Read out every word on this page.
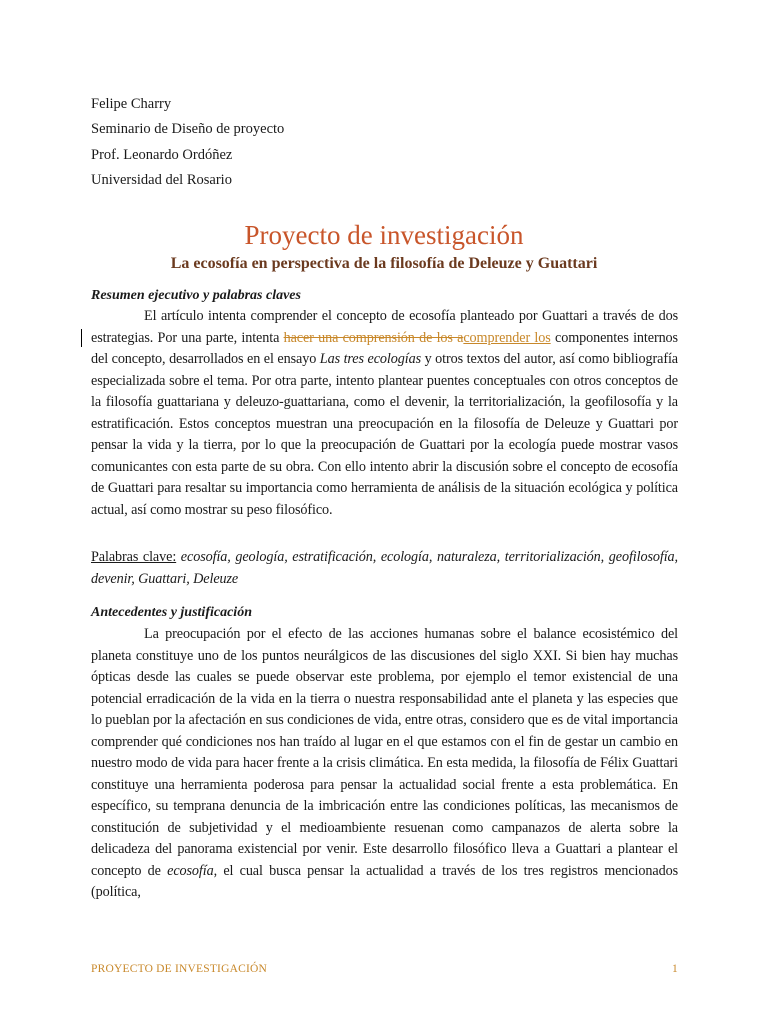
Felipe Charry
Seminario de Diseño de proyecto
Prof. Leonardo Ordóñez
Universidad del Rosario
Proyecto de investigación
La ecosofía en perspectiva de la filosofía de Deleuze y Guattari
Resumen ejecutivo y palabras claves
El artículo intenta comprender el concepto de ecosofía planteado por Guattari a través de dos estrategias. Por una parte, intenta hacer una comprensión de los acomprender los componentes internos del concepto, desarrollados en el ensayo Las tres ecologías y otros textos del autor, así como bibliografía especializada sobre el tema. Por otra parte, intento plantear puentes conceptuales con otros conceptos de la filosofía guattariana y deleuzo-guattariana, como el devenir, la territorialización, la geofilosofía y la estratificación. Estos conceptos muestran una preocupación en la filosofía de Deleuze y Guattari por pensar la vida y la tierra, por lo que la preocupación de Guattari por la ecología puede mostrar vasos comunicantes con esta parte de su obra. Con ello intento abrir la discusión sobre el concepto de ecosofía de Guattari para resaltar su importancia como herramienta de análisis de la situación ecológica y política actual, así como mostrar su peso filosófico.
Palabras clave: ecosofía, geología, estratificación, ecología, naturaleza, territorialización, geofilosofía, devenir, Guattari, Deleuze
Antecedentes y justificación
La preocupación por el efecto de las acciones humanas sobre el balance ecosistémico del planeta constituye uno de los puntos neurálgicos de las discusiones del siglo XXI. Si bien hay muchas ópticas desde las cuales se puede observar este problema, por ejemplo el temor existencial de una potencial erradicación de la vida en la tierra o nuestra responsabilidad ante el planeta y las especies que lo pueblan por la afectación en sus condiciones de vida, entre otras, considero que es de vital importancia comprender qué condiciones nos han traído al lugar en el que estamos con el fin de gestar un cambio en nuestro modo de vida para hacer frente a la crisis climática. En esta medida, la filosofía de Félix Guattari constituye una herramienta poderosa para pensar la actualidad social frente a esta problemática. En específico, su temprana denuncia de la imbricación entre las condiciones políticas, las mecanismos de constitución de subjetividad y el medioambiente resuenan como campanazos de alerta sobre la delicadeza del panorama existencial por venir. Este desarrollo filosófico lleva a Guattari a plantear el concepto de ecosofía, el cual busca pensar la actualidad a través de los tres registros mencionados (política,
PROYECTO DE INVESTIGACIÓN	1
